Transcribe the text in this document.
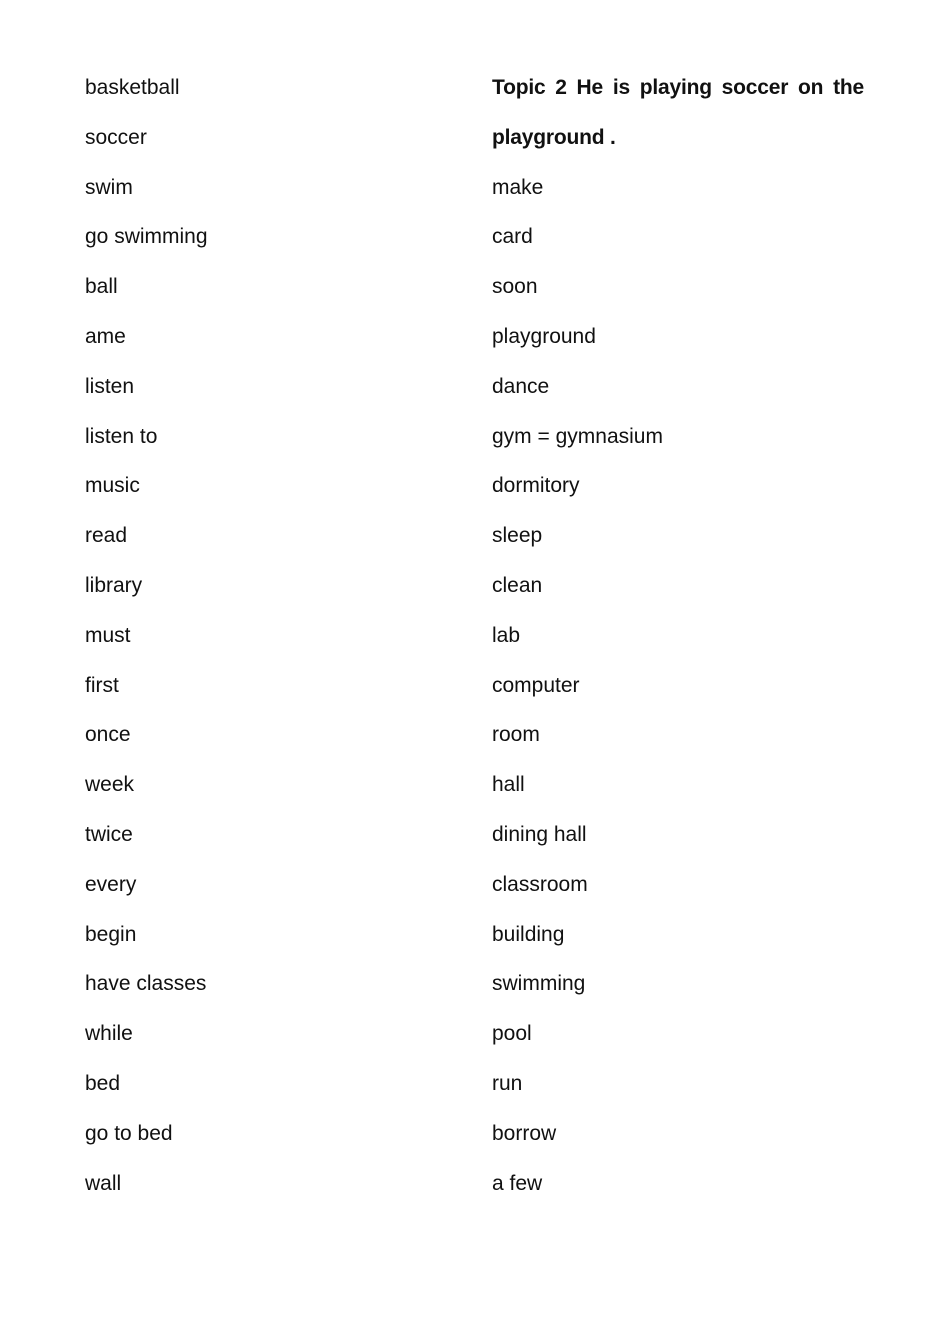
basketball
soccer
swim
go swimming
ball
ame
listen
listen to
music
read
library
must
first
once
week
twice
every
begin
have classes
while
bed
go to bed
wall
Topic 2 He is playing soccer on the
playground .
make
card
soon
playground
dance
gym = gymnasium
dormitory
sleep
clean
lab
computer
room
hall
dining hall
classroom
building
swimming
pool
run
borrow
a few
